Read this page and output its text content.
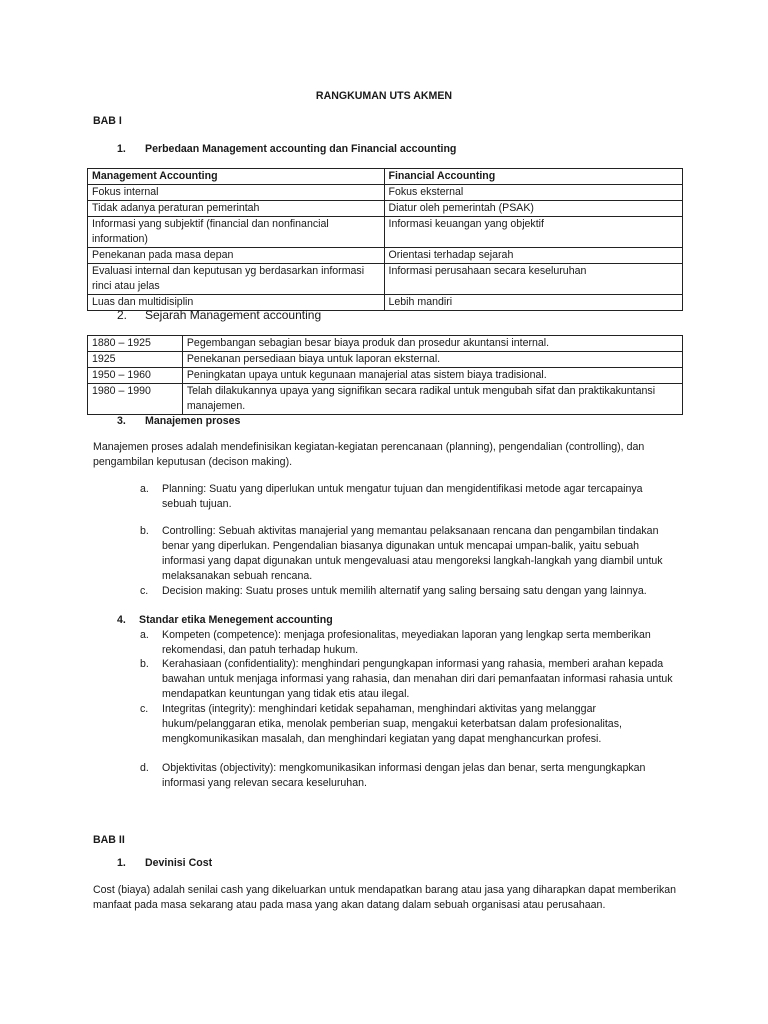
RANGKUMAN UTS AKMEN
BAB I
1. Perbedaan Management accounting dan Financial accounting
Management Accounting	Financial Accounting
Fokus internal	Fokus eksternal
Tidak adanya peraturan pemerintah	Diatur oleh pemerintah (PSAK)
Informasi yang subjektif (financial dan nonfinancial information)	Informasi keuangan yang objektif
Penekanan pada masa depan	Orientasi terhadap sejarah
Evaluasi internal dan keputusan yg berdasarkan informasi rinci atau jelas	Informasi perusahaan secara keseluruhan
Luas dan multidisiplin	Lebih mandiri
2. Sejarah Management accounting
1880 – 1925	Pegembangan sebagian besar biaya produk dan prosedur akuntansi internal.
1925	Penekanan persediaan biaya untuk laporan eksternal.
1950 – 1960	Peningkatan upaya untuk kegunaan manajerial atas sistem biaya tradisional.
1980 – 1990	Telah dilakukannya upaya yang signifikan secara radikal untuk mengubah sifat dan praktikakuntansi manajemen.
3. Manajemen proses
Manajemen proses adalah mendefinisikan kegiatan-kegiatan perencanaan (planning), pengendalian (controlling), dan pengambilan keputusan (decison making).
a. Planning: Suatu yang diperlukan untuk mengatur tujuan dan mengidentifikasi metode agar tercapainya sebuah tujuan.
b. Controlling: Sebuah aktivitas manajerial yang memantau pelaksanaan rencana dan pengambilan tindakan benar yang diperlukan. Pengendalian biasanya digunakan untuk mencapai umpan-balik, yaitu sebuah informasi yang dapat digunakan untuk mengevaluasi atau mengoreksi langkah-langkah yang diambil untuk melaksanakan sebuah rencana.
c. Decision making: Suatu proses untuk memilih alternatif yang saling bersaing satu dengan yang lainnya.
4. Standar etika Menegement accounting
a. Kompeten (competence): menjaga profesionalitas, meyediakan laporan yang lengkap serta memberikan rekomendasi, dan patuh terhadap hukum.
b. Kerahasiaan (confidentiality): menghindari pengungkapan informasi yang rahasia, memberi arahan kepada bawahan untuk menjaga informasi yang rahasia, dan menahan diri dari pemanfaatan informasi rahasia untuk mendapatkan keuntungan yang tidak etis atau ilegal.
c. Integritas (integrity): menghindari ketidak sepahaman, menghindari aktivitas yang melanggar hukum/pelanggaran etika, menolak pemberian suap, mengakui keterbatsan dalam profesionalitas, mengkomunikasikan masalah, dan menghindari kegiatan yang dapat menghancurkan profesi.
d. Objektivitas (objectivity): mengkomunikasikan informasi dengan jelas dan benar, serta mengungkapkan informasi yang relevan secara keseluruhan.
BAB II
1. Devinisi Cost
Cost (biaya) adalah senilai cash yang dikeluarkan untuk mendapatkan barang atau jasa yang diharapkan dapat memberikan manfaat pada masa sekarang atau pada masa yang akan datang dalam sebuah organisasi atau perusahaan.
